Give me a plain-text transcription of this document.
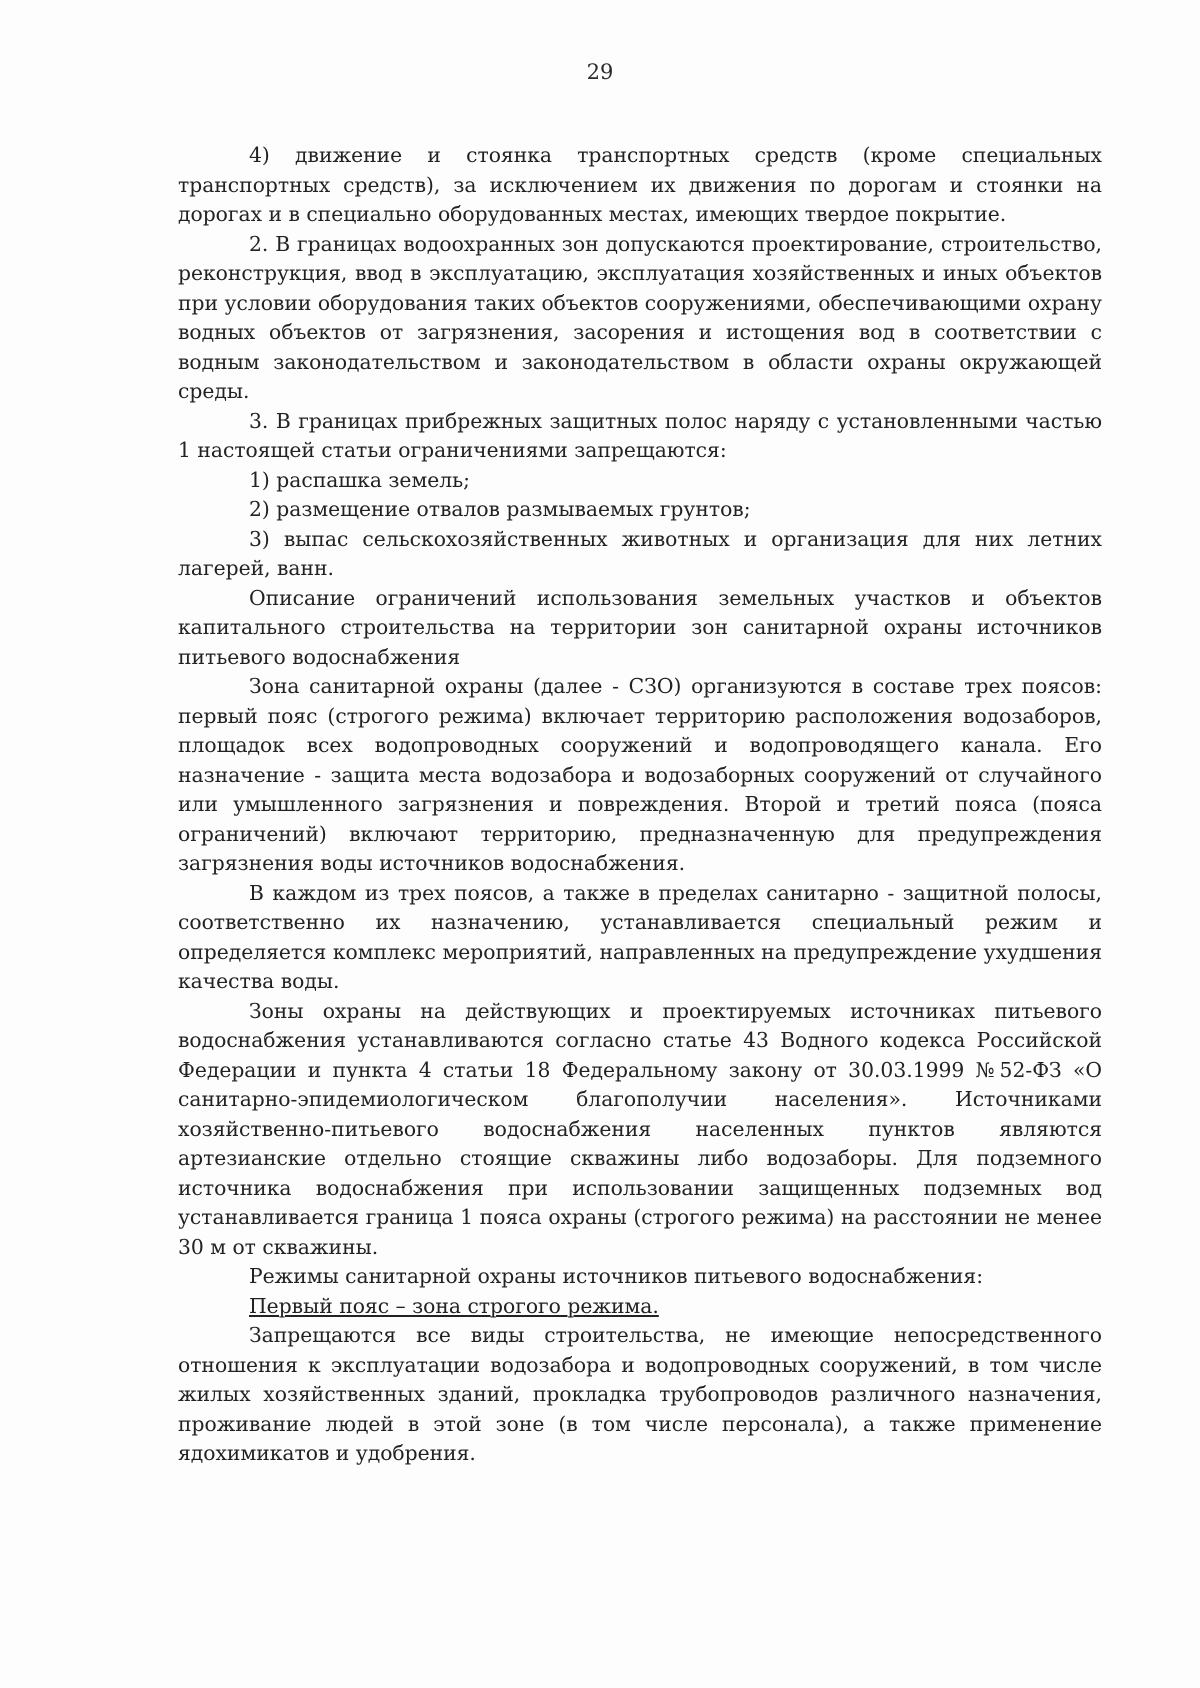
29

4) движение и стоянка транспортных средств (кроме специальных транспортных средств), за исключением их движения по дорогам и стоянки на дорогах и в специально оборудованных местах, имеющих твердое покрытие.

2. В границах водоохранных зон допускаются проектирование, строительство, реконструкция, ввод в эксплуатацию, эксплуатация хозяйственных и иных объектов при условии оборудования таких объектов сооружениями, обеспечивающими охрану водных объектов от загрязнения, засорения и истощения вод в соответствии с водным законодательством и законодательством в области охраны окружающей среды.

3. В границах прибрежных защитных полос наряду с установленными частью 1 настоящей статьи ограничениями запрещаются:

1) распашка земель;

2) размещение отвалов размываемых грунтов;

3) выпас сельскохозяйственных животных и организация для них летних лагерей, ванн.

Описание ограничений использования земельных участков и объектов капитального строительства на территории зон санитарной охраны источников питьевого водоснабжения

Зона санитарной охраны (далее - СЗО) организуются в составе трех поясов: первый пояс (строгого режима) включает территорию расположения водозаборов, площадок всех водопроводных сооружений и водопроводящего канала. Его назначение - защита места водозабора и водозаборных сооружений от случайного или умышленного загрязнения и повреждения. Второй и третий пояса (пояса ограничений) включают территорию, предназначенную для предупреждения загрязнения воды источников водоснабжения.

В каждом из трех поясов, а также в пределах санитарно - защитной полосы, соответственно их назначению, устанавливается специальный режим и определяется комплекс мероприятий, направленных на предупреждение ухудшения качества воды.

Зоны охраны на действующих и проектируемых источниках питьевого водоснабжения устанавливаются согласно статье 43 Водного кодекса Российской Федерации и пункта 4 статьи 18 Федеральному закону от 30.03.1999 №52-ФЗ «О санитарно-эпидемиологическом благополучии населения». Источниками хозяйственно-питьевого водоснабжения населенных пунктов являются артезианские отдельно стоящие скважины либо водозаборы. Для подземного источника водоснабжения при использовании защищенных подземных вод устанавливается граница 1 пояса охраны (строгого режима) на расстоянии не менее 30 м от скважины.

Режимы санитарной охраны источников питьевого водоснабжения:

Первый пояс – зона строгого режима.

Запрещаются все виды строительства, не имеющие непосредственного отношения к эксплуатации водозабора и водопроводных сооружений, в том числе жилых хозяйственных зданий, прокладка трубопроводов различного назначения, проживание людей в этой зоне (в том числе персонала), а также применение ядохимикатов и удобрения.
